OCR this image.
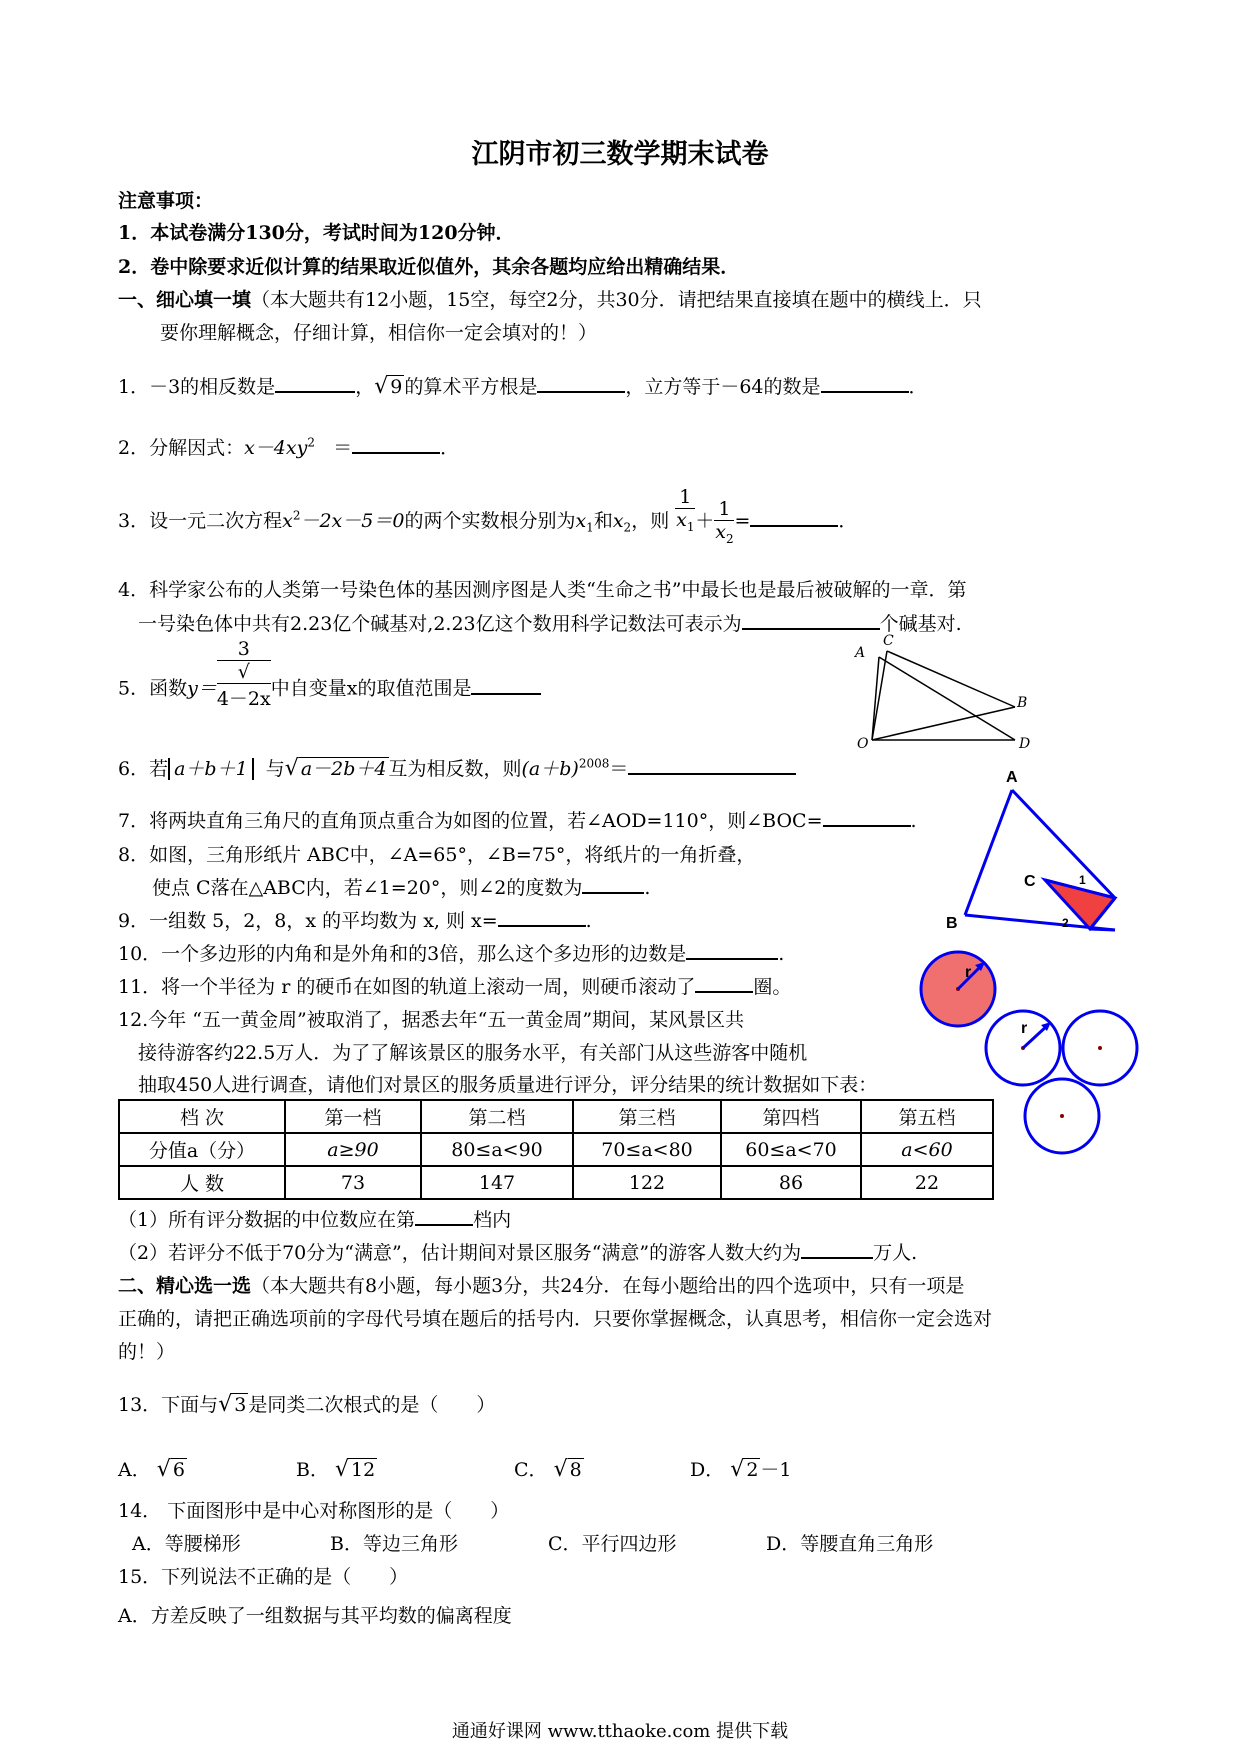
江阴市初三数学期末试卷
注意事项：
1．本试卷满分130分，考试时间为120分钟．
2．卷中除要求近似计算的结果取近似值外，其余各题均应给出精确结果．
一、细心填一填（本大题共有12小题，15空，每空2分，共30分．请把结果直接填在题中的横线上．只
要你理解概念，仔细计算，相信你一定会填对的！）
1．－3的相反数是	，√ 9 的算术平方根是	，立方等于－64的数是	．
2．分解因式：$x-4xy^2$ ＝	．
3．设一元二次方程$x^2-2x-5=0$的两个实数根分别为$x_1$和$x_2$，则 $\frac{1}{x_1} + \frac{1}{x_2}$ =	．
4．科学家公布的人类第一号染色体的基因测序图是人类“生命之书”中最长也是最后被破解的一章．第
一号染色体中共有2.23亿个碱基对,2.23亿这个数用科学记数法可表示为	个碱基对.
5．函数y＝ 3
√
4－2x 中自变量x的取值范围是
6．若 a＋b＋1 与√ a－2b＋4 互为相反数，则$(a+b)^{2008}=$
7．将两块直角三角尺的直角顶点重合为如图的位置，若∠AOD=110°，则∠BOC=	.
8．如图，三角形纸片 ABC中，∠A=65°，∠B=75°，将纸片的一角折叠，
使点 C落在△ABC内，若∠1=20°，则∠2的度数为	.
9．一组数 5，2，8，x 的平均数为 x, 则 x=	.
10．一个多边形的内角和是外角和的3倍，那么这个多边形的边数是	.
11．将一个半径为 r 的硬币在如图的轨道上滚动一周，则硬币滚动了	圈。
12.今年 “五一黄金周”被取消了，据悉去年“五一黄金周”期间，某风景区共
接待游客约22.5万人．为了了解该景区的服务水平，有关部门从这些游客中随机
抽取450人进行调查，请他们对景区的服务质量进行评分，评分结果的统计数据如下表：
档 次	第一档	第二档	第三档	第四档	第五档
分值a（分）	a≥90	80≤a<90	70≤a<80	60≤a<70	a<60
人 数	73	147	122	86	22
（1）所有评分数据的中位数应在第	档内
（2）若评分不低于70分为“满意”，估计期间对景区服务“满意”的游客人数大约为	万人.
二、精心选一选（本大题共有8小题，每小题3分，共24分．在每小题给出的四个选项中，只有一项是
正确的，请把正确选项前的字母代号填在题后的括号内．只要你掌握概念，认真思考，相信你一定会选对
的！）
13．下面与√ 3 是同类二次根式的是（　　）
A． √ 6	B． √ 12	C． √ 8	D． √ 2 －1
14． 下面图形中是中心对称图形的是（　　）
A．等腰梯形	B．等边三角形	C．平行四边形	D．等腰直角三角形
15．下列说法不正确的是（　　）
A．方差反映了一组数据与其平均数的偏离程度
A
C
B
O	D
A
B
C	1
2
r
r
通通好课网 www.tthaoke.com 提供下载
